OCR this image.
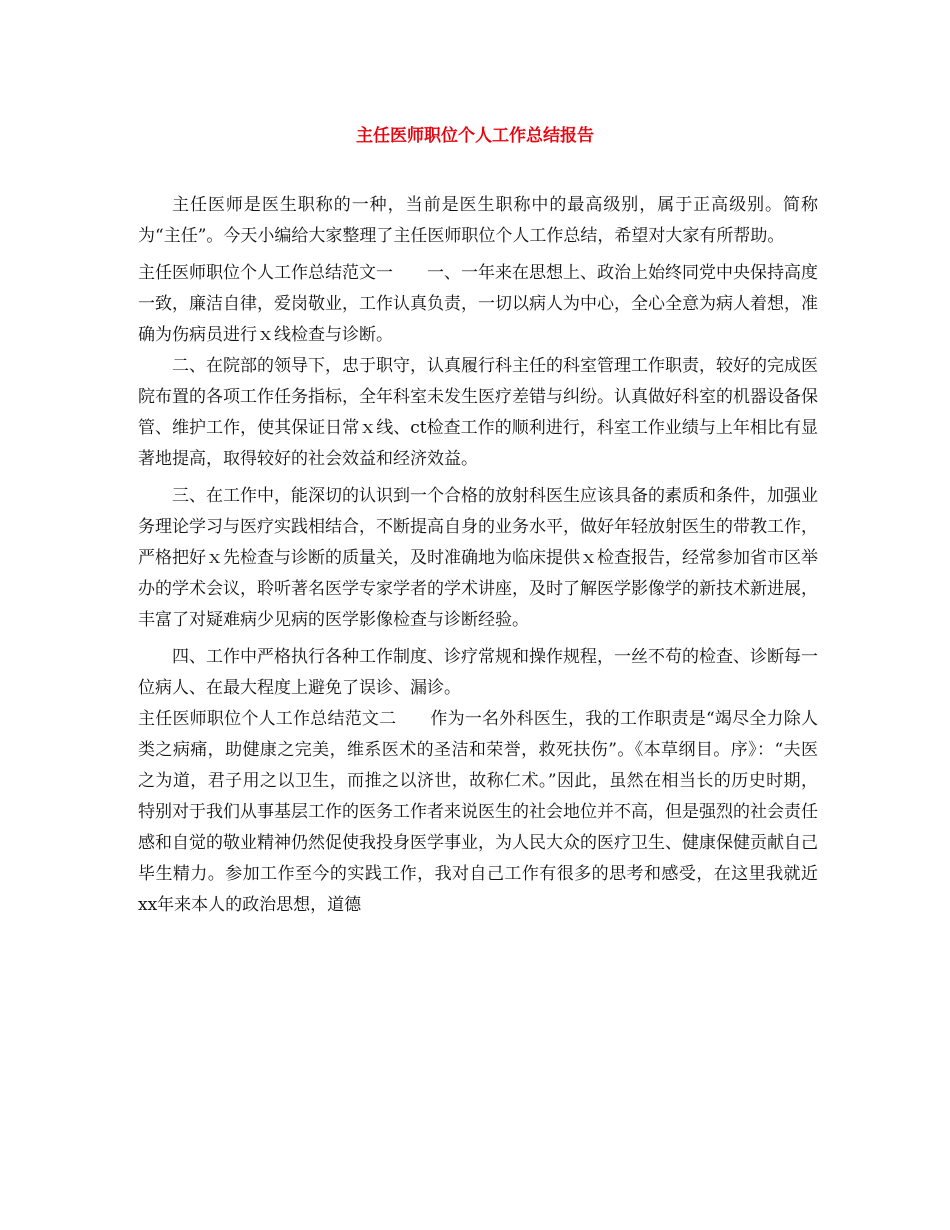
主任医师职位个人工作总结报告

主任医师是医生职称的一种，当前是医生职称中的最高级别，属于正高级别。简称为“主任”。今天小编给大家整理了主任医师职位个人工作总结，希望对大家有所帮助。

主任医师职位个人工作总结范文一 一、一年来在思想上、政治上始终同党中央保持高度一致，廉洁自律，爱岗敬业，工作认真负责，一切以病人为中心，全心全意为病人着想，准确为伤病员进行ｘ线检查与诊断。

二、在院部的领导下，忠于职守，认真履行科主任的科室管理工作职责，较好的完成医院布置的各项工作任务指标，全年科室未发生医疗差错与纠纷。认真做好科室的机器设备保管、维护工作，使其保证日常ｘ线、ct检查工作的顺利进行，科室工作业绩与上年相比有显著地提高，取得较好的社会效益和经济效益。

三、在工作中，能深切的认识到一个合格的放射科医生应该具备的素质和条件，加强业务理论学习与医疗实践相结合，不断提高自身的业务水平，做好年轻放射医生的带教工作，严格把好ｘ先检查与诊断的质量关，及时准确地为临床提供ｘ检查报告，经常参加省市区举办的学术会议，聆听著名医学专家学者的学术讲座，及时了解医学影像学的新技术新进展，丰富了对疑难病少见病的医学影像检查与诊断经验。

四、工作中严格执行各种工作制度、诊疗常规和操作规程，一丝不苟的检查、诊断每一位病人、在最大程度上避免了误诊、漏诊。

主任医师职位个人工作总结范文二 作为一名外科医生，我的工作职责是“竭尽全力除人类之病痛，助健康之完美，维系医术的圣洁和荣誉，救死扶伤”。《本草纲目。序》：“夫医之为道，君子用之以卫生，而推之以济世，故称仁术。”因此，虽然在相当长的历史时期，特别对于我们从事基层工作的医务工作者来说医生的社会地位并不高，但是强烈的社会责任感和自觉的敬业精神仍然促使我投身医学事业，为人民大众的医疗卫生、健康保健贡献自己毕生精力。参加工作至今的实践工作，我对自己工作有很多的思考和感受，在这里我就近xx年来本人的政治思想，道德
